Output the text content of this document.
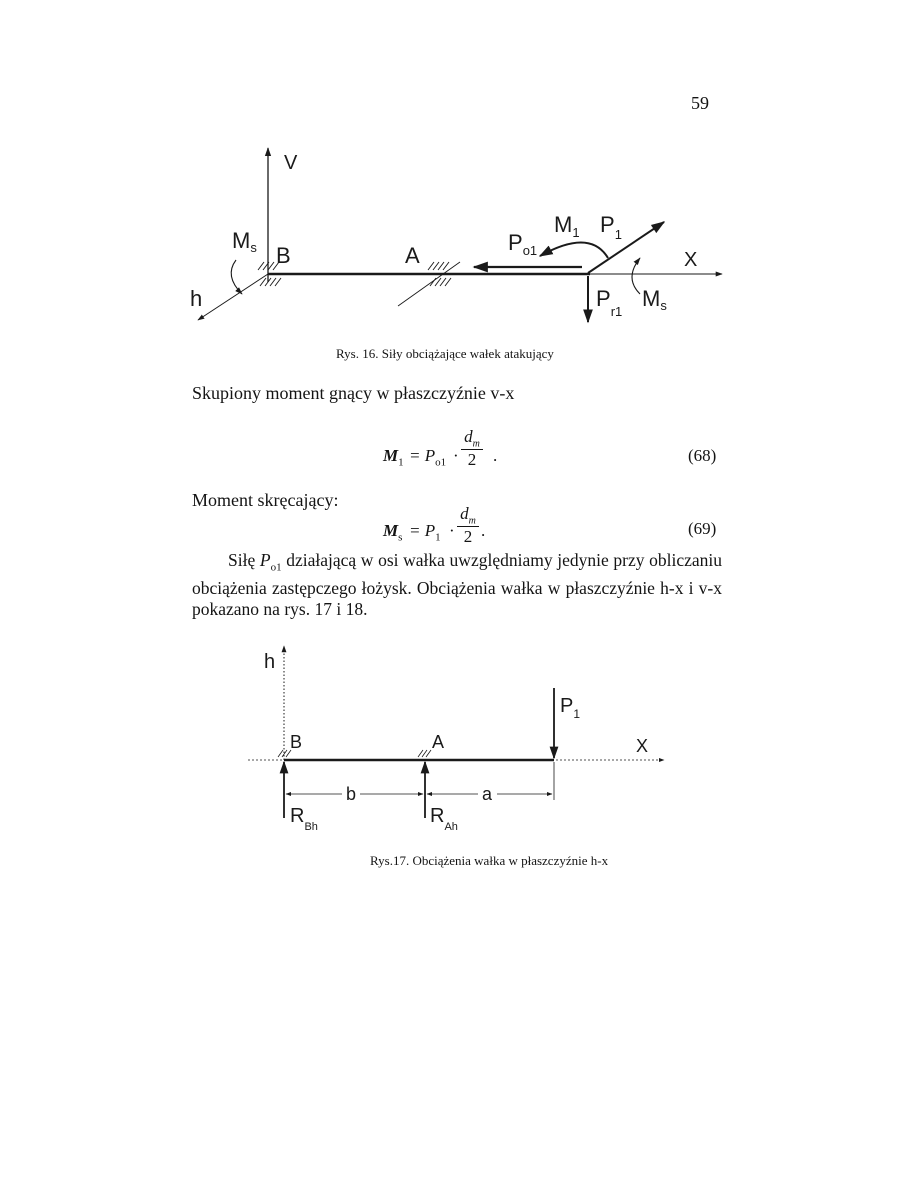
59
V
X
h
B	A
Ms	$P_{o1}$
$M_1$ $P_1$
$P_{r1}$
Ms
Rys. 16. Siły obciążające wałek atakujący
Skupiony moment gnący w płaszczyźnie v-x
$M_1 = P_{o1} \cdot \frac{d_m}{2}$ .	(68)
Moment skręcający:
$M_s = P_1 \cdot \frac{d_m}{2}$ .	(69)
Siłę $P_{o1}$ działającą w osi wałka uwzględniamy jedynie przy obliczaniu obciążenia zastępczego łożysk. Obciążenia wałka w płaszczyźnie h-x i v-x pokazano na rys. 17 i 18.
h
X
B	A
$P_1$
$R_{Bh}$	$R_{Ah}$
b	a
Rys.17. Obciążenia wałka w płaszczyźnie h-x
